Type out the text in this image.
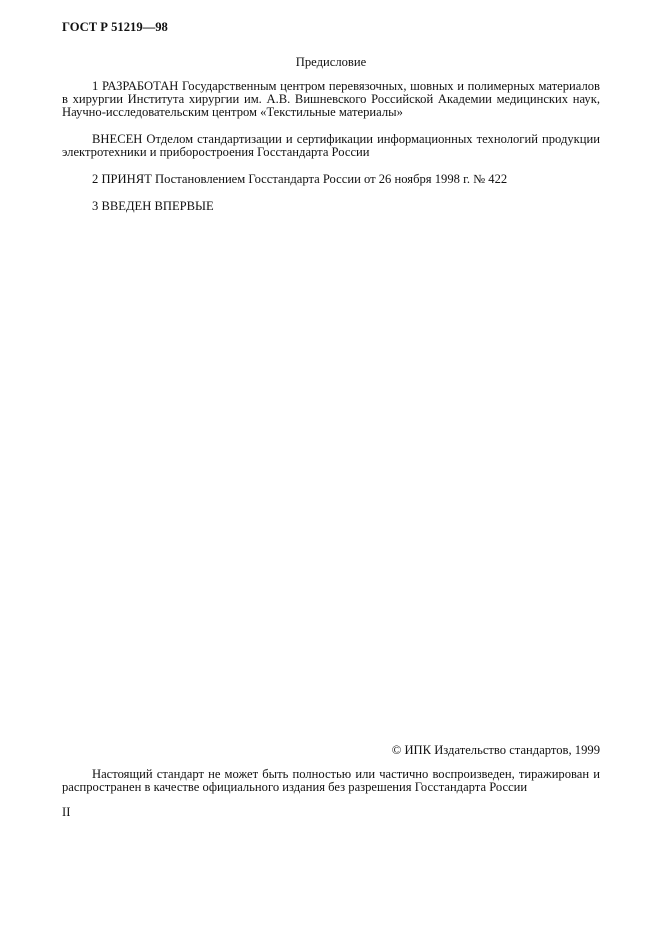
ГОСТ Р 51219—98
Предисловие
1 РАЗРАБОТАН Государственным центром перевязочных, шовных и полимерных материалов
в хирургии Института хирургии им. А.В. Вишневского Российской Академии медицинских наук,
Научно-исследовательским центром «Текстильные материалы»
ВНЕСЕН Отделом стандартизации и сертификации информационных технологий продукции
электротехники и приборостроения Госстандарта России
2 ПРИНЯТ Постановлением Госстандарта России от 26 ноября 1998 г. № 422
3 ВВЕДЕН ВПЕРВЫЕ
© ИПК Издательство стандартов, 1999
Настоящий стандарт не может быть полностью или частично воспроизведен, тиражирован и
распространен в качестве официального издания без разрешения Госстандарта России
II
